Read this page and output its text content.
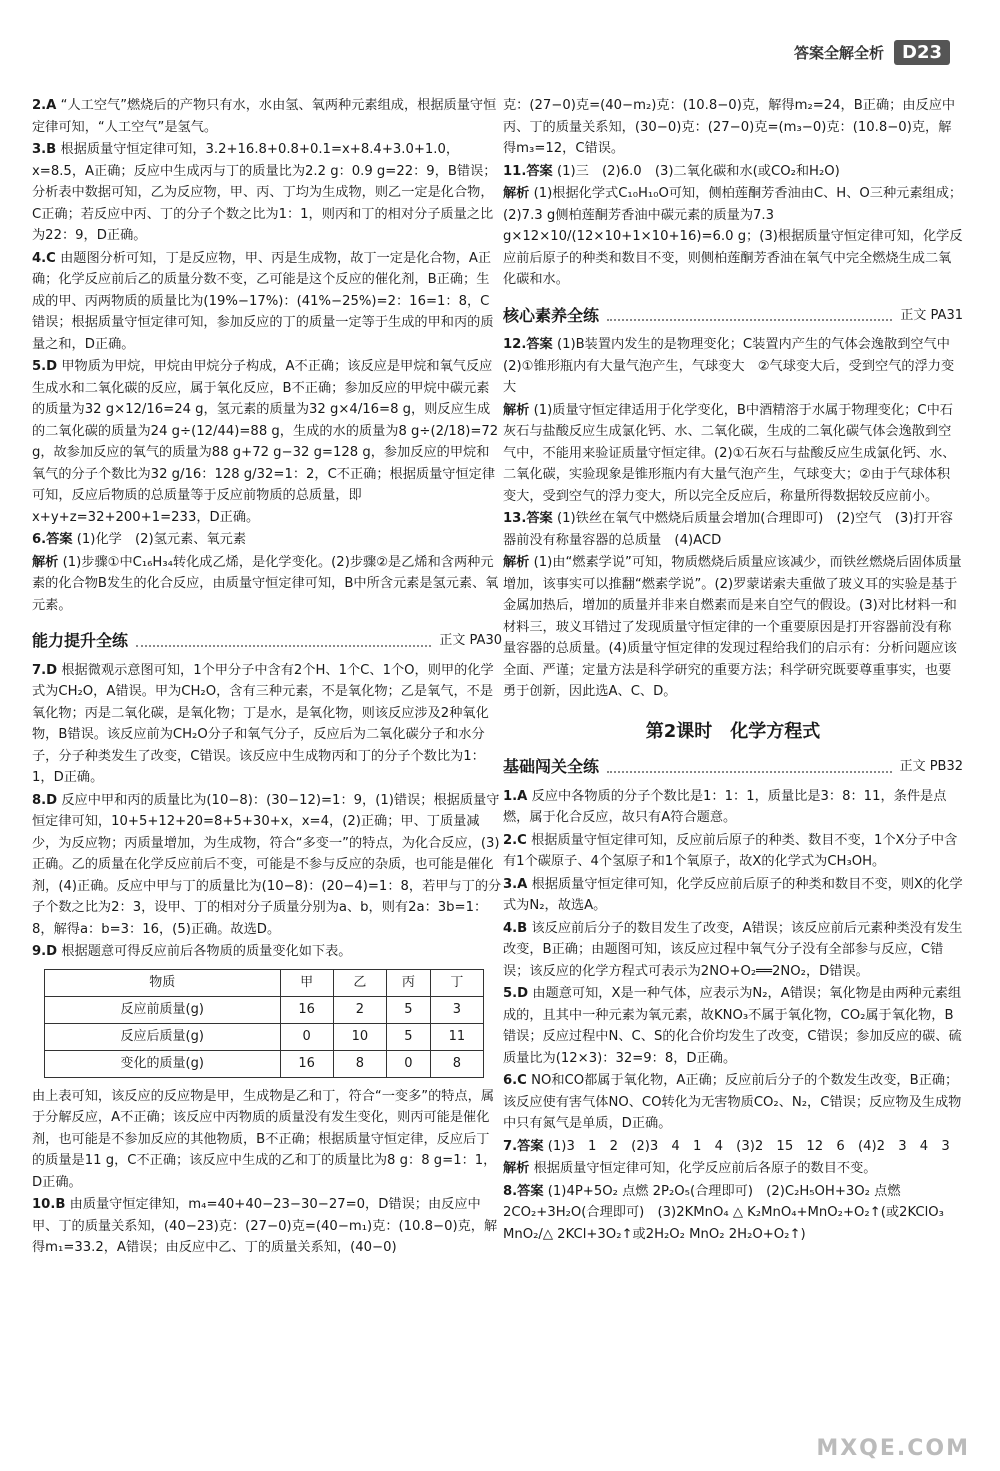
答案全解全析	D23
2.A “人工空气”燃烧后的产物只有水，水由氢、氧两种元素组成，根据质量守恒定律可知，“人工空气”是氢气。
3.B 根据质量守恒定律可知，3.2+16.8+0.8+0.1=x+8.4+3.0+1.0，x=8.5，A正确；反应中生成丙与丁的质量比为2.2 g：0.9 g=22：9，B错误；分析表中数据可知，乙为反应物，甲、丙、丁均为生成物，则乙一定是化合物，C正确；若反应中丙、丁的分子个数之比为1：1，则丙和丁的相对分子质量之比为22：9，D正确。
4.C 由题图分析可知，丁是反应物，甲、丙是生成物，故丁一定是化合物，A正确；化学反应前后乙的质量分数不变，乙可能是这个反应的催化剂，B正确；生成的甲、丙两物质的质量比为(19%−17%)：(41%−25%)=2：16=1：8，C错误；根据质量守恒定律可知，参加反应的丁的质量一定等于生成的甲和丙的质量之和，D正确。
5.D 甲物质为甲烷，甲烷由甲烷分子构成，A不正确；该反应是甲烷和氧气反应生成水和二氧化碳的反应，属于氧化反应，B不正确；参加反应的甲烷中碳元素的质量为32 g×12/16=24 g，氢元素的质量为32 g×4/16=8 g，则反应生成的二氧化碳的质量为24 g÷(12/44)=88 g，生成的水的质量为8 g÷(2/18)=72 g，故参加反应的氧气的质量为88 g+72 g−32 g=128 g，参加反应的甲烷和氧气的分子个数比为32 g/16：128 g/32=1：2，C不正确；根据质量守恒定律可知，反应后物质的总质量等于反应前物质的总质量，即x+y+z=32+200+1=233，D正确。
6.答案 (1)化学　(2)氢元素、氧元素
解析 (1)步骤①中C₁₆H₃₄转化成乙烯，是化学变化。(2)步骤②是乙烯和含两种元素的化合物B发生的化合反应，由质量守恒定律可知，B中所含元素是氢元素、氧元素。
能力提升全练	正文 PA30
7.D 根据微观示意图可知，1个甲分子中含有2个H、1个C、1个O，则甲的化学式为CH₂O，A错误。甲为CH₂O，含有三种元素，不是氧化物；乙是氧气，不是氧化物；丙是二氧化碳，是氧化物；丁是水，是氧化物，则该反应涉及2种氧化物，B错误。该反应前为CH₂O分子和氧气分子，反应后为二氧化碳分子和水分子，分子种类发生了改变，C错误。该反应中生成物丙和丁的分子个数比为1：1，D正确。
8.D 反应中甲和丙的质量比为(10−8)：(30−12)=1：9，(1)错误；根据质量守恒定律可知，10+5+12+20=8+5+30+x，x=4，(2)正确；甲、丁质量减少，为反应物；丙质量增加，为生成物，符合“多变一”的特点，为化合反应，(3)正确。乙的质量在化学反应前后不变，可能是不参与反应的杂质，也可能是催化剂，(4)正确。反应中甲与丁的质量比为(10−8)：(20−4)=1：8，若甲与丁的分子个数之比为2：3，设甲、丁的相对分子质量分别为a、b，则有2a：3b=1：8，解得a：b=3：16，(5)正确。故选D。
9.D 根据题意可得反应前后各物质的质量变化如下表。
物质	甲	乙	丙	丁
反应前质量(g)	16	2	5	3
反应后质量(g)	0	10	5	11
变化的质量(g)	16	8	0	8
由上表可知，该反应的反应物是甲，生成物是乙和丁，符合“一变多”的特点，属于分解反应，A不正确；该反应中丙物质的质量没有发生变化，则丙可能是催化剂，也可能是不参加反应的其他物质，B不正确；根据质量守恒定律，反应后丁的质量是11 g，C不正确；该反应中生成的乙和丁的质量比为8 g：8 g=1：1，D正确。
10.B 由质量守恒定律知，m₄=40+40−23−30−27=0，D错误；由反应中甲、丁的质量关系知，(40−23)克：(27−0)克=(40−m₁)克：(10.8−0)克，解得m₁=33.2，A错误；由反应中乙、丁的质量关系知，(40−0)
克：(27−0)克=(40−m₂)克：(10.8−0)克，解得m₂=24，B正确；由反应中丙、丁的质量关系知，(30−0)克：(27−0)克=(m₃−0)克：(10.8−0)克，解得m₃=12，C错误。
11.答案 (1)三　(2)6.0　(3)二氧化碳和水(或CO₂和H₂O)
解析 (1)根据化学式C₁₀H₁₀O可知，侧柏莲酮芳香油由C、H、O三种元素组成；(2)7.3 g侧柏莲酮芳香油中碳元素的质量为7.3 g×12×10/(12×10+1×10+16)=6.0 g；(3)根据质量守恒定律可知，化学反应前后原子的种类和数目不变，则侧柏莲酮芳香油在氧气中完全燃烧生成二氧化碳和水。
核心素养全练	正文 PA31
12.答案 (1)B装置内发生的是物理变化；C装置内产生的气体会逸散到空气中　(2)①锥形瓶内有大量气泡产生，气球变大　②气球变大后，受到空气的浮力变大
解析 (1)质量守恒定律适用于化学变化，B中酒精溶于水属于物理变化；C中石灰石与盐酸反应生成氯化钙、水、二氧化碳，生成的二氧化碳气体会逸散到空气中，不能用来验证质量守恒定律。(2)①石灰石与盐酸反应生成氯化钙、水、二氧化碳，实验现象是锥形瓶内有大量气泡产生，气球变大；②由于气球体积变大，受到空气的浮力变大，所以完全反应后，称量所得数据较反应前小。
13.答案 (1)铁丝在氧气中燃烧后质量会增加(合理即可)　(2)空气　(3)打开容器前没有称量容器的总质量　(4)ACD
解析 (1)由“燃素学说”可知，物质燃烧后质量应该减少，而铁丝燃烧后固体质量增加，该事实可以推翻“燃素学说”。(2)罗蒙诺索夫重做了玻义耳的实验是基于金属加热后，增加的质量并非来自燃素而是来自空气的假设。(3)对比材料一和材料三，玻义耳错过了发现质量守恒定律的一个重要原因是打开容器前没有称量容器的总质量。(4)质量守恒定律的发现过程给我们的启示有：分析问题应该全面、严谨；定量方法是科学研究的重要方法；科学研究既要尊重事实，也要勇于创新，因此选A、C、D。
第2课时　化学方程式
基础闯关全练	正文 PB32
1.A 反应中各物质的分子个数比是1：1：1，质量比是3：8：11，条件是点燃，属于化合反应，故只有A符合题意。
2.C 根据质量守恒定律可知，反应前后原子的种类、数目不变，1个X分子中含有1个碳原子、4个氢原子和1个氧原子，故X的化学式为CH₃OH。
3.A 根据质量守恒定律可知，化学反应前后原子的种类和数目不变，则X的化学式为N₂，故选A。
4.B 该反应前后分子的数目发生了改变，A错误；该反应前后元素种类没有发生改变，B正确；由题图可知，该反应过程中氧气分子没有全部参与反应，C错误；该反应的化学方程式可表示为2NO+O₂══2NO₂，D错误。
5.D 由题意可知，X是一种气体，应表示为N₂，A错误；氧化物是由两种元素组成的，且其中一种元素为氧元素，故KNO₃不属于氧化物，CO₂属于氧化物，B错误；反应过程中N、C、S的化合价均发生了改变，C错误；参加反应的碳、硫质量比为(12×3)：32=9：8，D正确。
6.C NO和CO都属于氧化物，A正确；反应前后分子的个数发生改变，B正确；该反应使有害气体NO、CO转化为无害物质CO₂、N₂，C错误；反应物及生成物中只有氮气是单质，D正确。
7.答案 (1)3　1　2　(2)3　4　1　4　(3)2　15　12　6　(4)2　3　4　3
解析 根据质量守恒定律可知，化学反应前后各原子的数目不变。
8.答案 (1)4P+5O₂ 点燃 2P₂O₅(合理即可)　(2)C₂H₅OH+3O₂ 点燃 2CO₂+3H₂O(合理即可)　(3)2KMnO₄ △ K₂MnO₄+MnO₂+O₂↑(或2KClO₃ MnO₂/△ 2KCl+3O₂↑或2H₂O₂ MnO₂ 2H₂O+O₂↑)
MXQE.COM
